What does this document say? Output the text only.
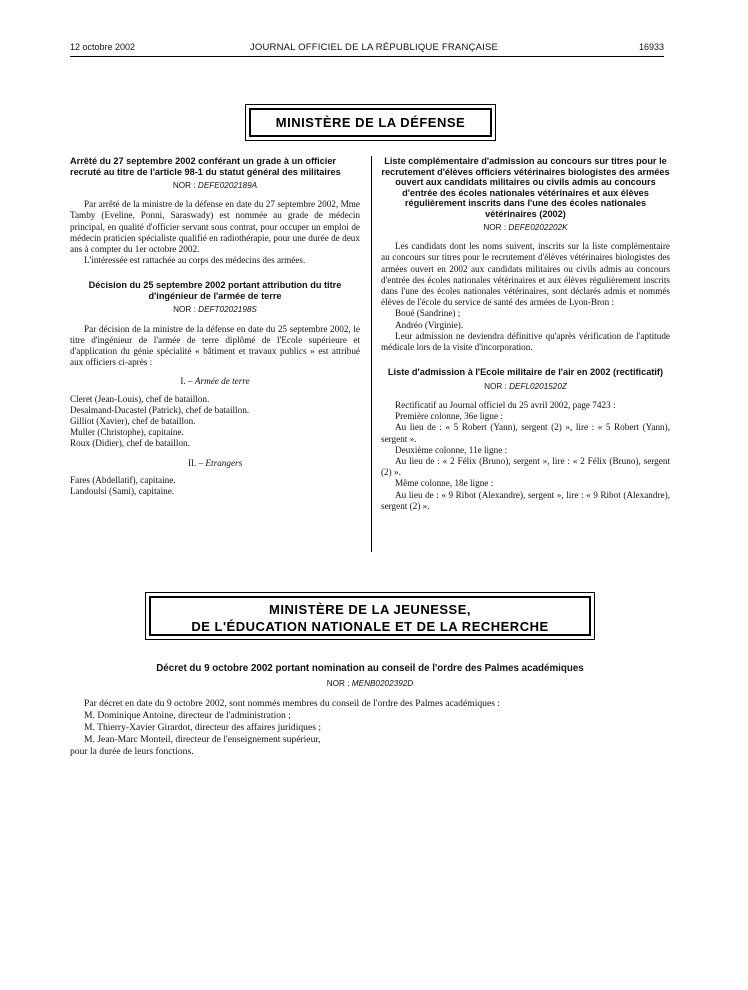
12 octobre 2002	JOURNAL OFFICIEL DE LA RÉPUBLIQUE FRANÇAISE	16933
MINISTÈRE DE LA DÉFENSE
Arrêté du 27 septembre 2002 conférant un grade à un officier recruté au titre de l'article 98-1 du statut général des militaires
NOR : DEFE0202189A

Par arrêté de la ministre de la défense en date du 27 septembre 2002, Mme Tamby (Eveline, Ponni, Saraswady) est nommée au grade de médecin principal, en qualité d'officier servant sous contrat, pour occuper un emploi de médecin praticien spécialiste qualifié en radiothérapie, pour une durée de deux ans à compter du 1er octobre 2002.

L'intéressée est rattachée au corps des médecins des armées.

Décision du 25 septembre 2002 portant attribution du titre d'ingénieur de l'armée de terre
NOR : DEFT0202198S

Par décision de la ministre de la défense en date du 25 septembre 2002, le titre d'ingénieur de l'armée de terre diplômé de l'Ecole supérieure et d'application du génie spécialité « bâtiment et travaux publics » est attribué aux officiers ci-après :

I. – Armée de terre

Cleret (Jean-Louis), chef de bataillon.

Desalmand-Ducastel (Patrick), chef de bataillon.

Gilliot (Xavier), chef de bataillon.

Muller (Christophe), capitaine.

Roux (Didier), chef de bataillon.

II. – Etrangers

Fares (Abdellatif), capitaine.

Landoulsi (Sami), capitaine.

Liste complémentaire d'admission au concours sur titres pour le recrutement d'élèves officiers vétérinaires biologistes des armées ouvert aux candidats militaires ou civils admis au concours d'entrée des écoles nationales vétérinaires et aux élèves régulièrement inscrits dans l'une des écoles nationales vétérinaires (2002)
NOR : DEFE0202202K

Les candidats dont les noms suivent, inscrits sur la liste complémentaire au concours sur titres pour le recrutement d'élèves vétérinaires biologistes des armées ouvert en 2002 aux candidats militaires ou civils admis au concours d'entrée des écoles nationales vétérinaires et aux élèves régulièrement inscrits dans l'une des écoles nationales vétérinaires, sont déclarés admis et nommés élèves de l'école du service de santé des armées de Lyon-Bron :

Boué (Sandrine) ;

Andréo (Virginie).

Leur admission ne deviendra définitive qu'après vérification de l'aptitude médicale lors de la visite d'incorporation.

Liste d'admission à l'Ecole militaire de l'air en 2002 (rectificatif)
NOR : DEFL0201520Z

Rectificatif au Journal officiel du 25 avril 2002, page 7423 :

Première colonne, 36e ligne :

Au lieu de : « 5 Robert (Yann), sergent (2) », lire : « 5 Robert (Yann), sergent ».

Deuxième colonne, 11e ligne :

Au lieu de : « 2 Félix (Bruno), sergent », lire : « 2 Félix (Bruno), sergent (2) ».

Même colonne, 18e ligne :

Au lieu de : « 9 Ribot (Alexandre), sergent », lire : « 9 Ribot (Alexandre), sergent (2) ».

MINISTÈRE DE LA JEUNESSE,
DE L'ÉDUCATION NATIONALE ET DE LA RECHERCHE
Décret du 9 octobre 2002 portant nomination au conseil de l'ordre des Palmes académiques
NOR : MENB0202392D

Par décret en date du 9 octobre 2002, sont nommés membres du conseil de l'ordre des Palmes académiques :

M. Dominique Antoine, directeur de l'administration ;

M. Thierry-Xavier Girardot, directeur des affaires juridiques ;

M. Jean-Marc Monteil, directeur de l'enseignement supérieur,

pour la durée de leurs fonctions.
